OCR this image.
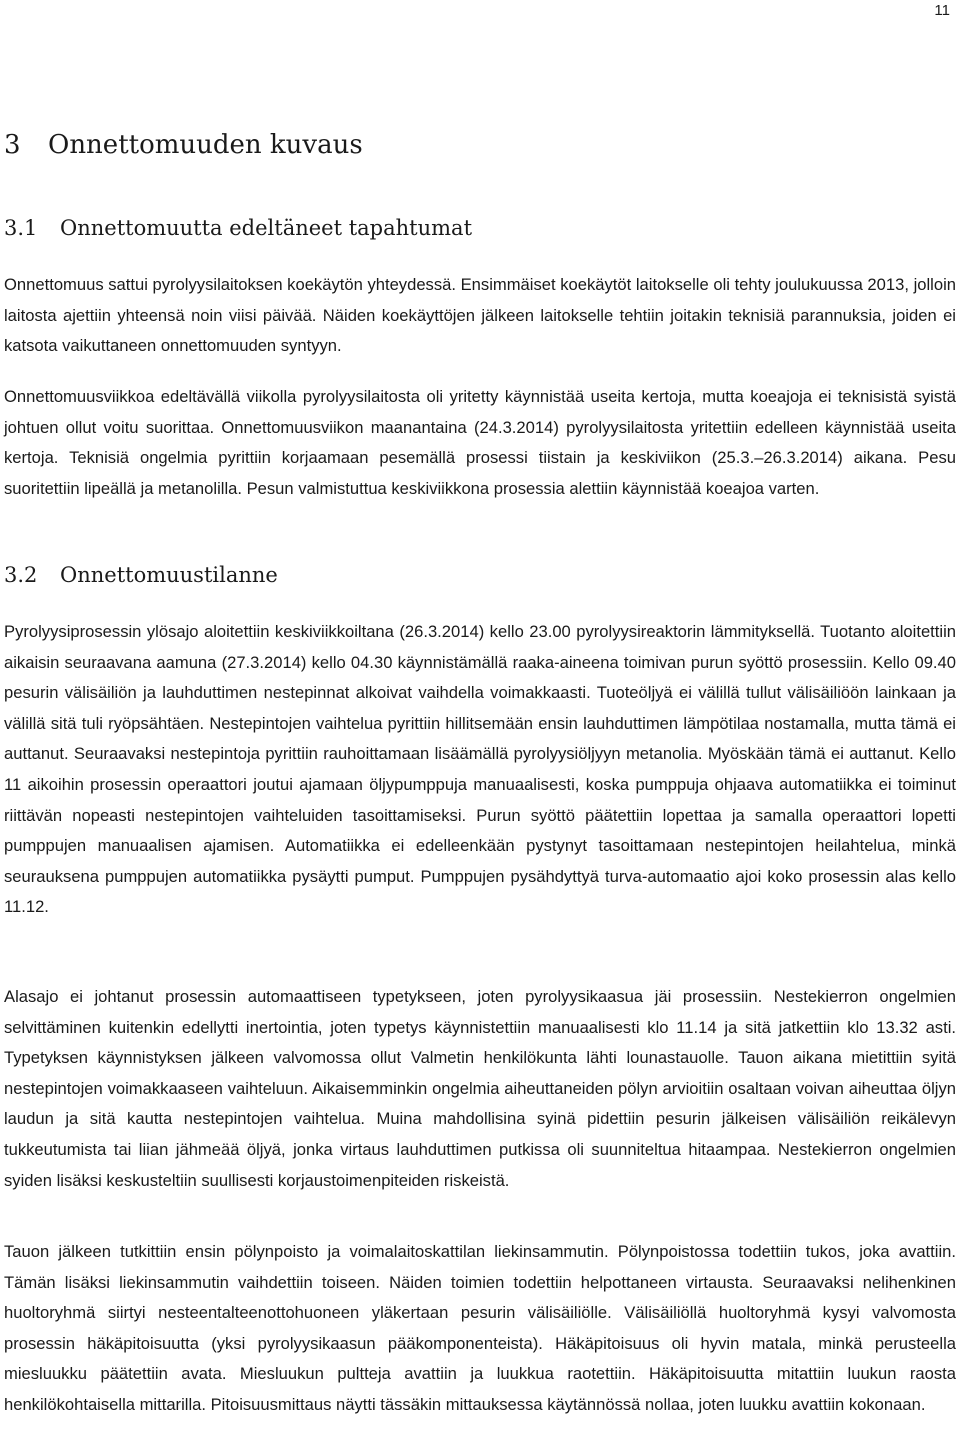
11
3 Onnettomuuden kuvaus
3.1 Onnettomuutta edeltäneet tapahtumat

Onnettomuus sattui pyrolyysilaitoksen koekäytön yhteydessä. Ensimmäiset koekäytöt laitokselle oli tehty joulukuussa 2013, jolloin laitosta ajettiin yhteensä noin viisi päivää. Näiden koekäyttöjen jälkeen laitokselle tehtiin joitakin teknisiä parannuksia, joiden ei katsota vaikuttaneen onnettomuuden syntyyn.

Onnettomuusviikkoa edeltävällä viikolla pyrolyysilaitosta oli yritetty käynnistää useita kertoja, mutta koeajoja ei teknisistä syistä johtuen ollut voitu suorittaa. Onnettomuusviikon maanantaina (24.3.2014) pyrolyysilaitosta yritettiin edelleen käynnistää useita kertoja. Teknisiä ongelmia pyrittiin korjaamaan pesemällä prosessi tiistain ja keskiviikon (25.3.–26.3.2014) aikana. Pesu suoritettiin lipeällä ja metanolilla. Pesun valmistuttua keskiviikkona prosessia alettiin käynnistää koeajoa varten.

3.2 Onnettomuustilanne

Pyrolyysiprosessin ylösajo aloitettiin keskiviikkoiltana (26.3.2014) kello 23.00 pyrolyysireaktorin lämmityksellä. Tuotanto aloitettiin aikaisin seuraavana aamuna (27.3.2014) kello 04.30 käynnistämällä raaka-aineena toimivan purun syöttö prosessiin. Kello 09.40 pesurin välisäiliön ja lauhduttimen nestepinnat alkoivat vaihdella voimakkaasti. Tuoteöljyä ei välillä tullut välisäiliöön lainkaan ja välillä sitä tuli ryöpsähtäen. Nestepintojen vaihtelua pyrittiin hillitsemään ensin lauhduttimen lämpötilaa nostamalla, mutta tämä ei auttanut. Seuraavaksi nestepintoja pyrittiin rauhoittamaan lisäämällä pyrolyysiöljyyn metanolia. Myöskään tämä ei auttanut. Kello 11 aikoihin prosessin operaattori joutui ajamaan öljypumppuja manuaalisesti, koska pumppuja ohjaava automatiikka ei toiminut riittävän nopeasti nestepintojen vaihteluiden tasoittamiseksi. Purun syöttö päätettiin lopettaa ja samalla operaattori lopetti pumppujen manuaalisen ajamisen. Automatiikka ei edelleenkään pystynyt tasoittamaan nestepintojen heilahtelua, minkä seurauksena pumppujen automatiikka pysäytti pumput. Pumppujen pysähdyttyä turva-automaatio ajoi koko prosessin alas kello 11.12.

Alasajo ei johtanut prosessin automaattiseen typetykseen, joten pyrolyysikaasua jäi prosessiin. Nestekierron ongelmien selvittäminen kuitenkin edellytti inertointia, joten typetys käynnistettiin manuaalisesti klo 11.14 ja sitä jatkettiin klo 13.32 asti. Typetyksen käynnistyksen jälkeen valvomossa ollut Valmetin henkilökunta lähti lounastauolle. Tauon aikana mietittiin syitä nestepintojen voimakkaaseen vaihteluun. Aikaisemminkin ongelmia aiheuttaneiden pölyn arvioitiin osaltaan voivan aiheuttaa öljyn laudun ja sitä kautta nestepintojen vaihtelua. Muina mahdollisina syinä pidettiin pesurin jälkeisen välisäiliön reikälevyn tukkeutumista tai liian jähmeää öljyä, jonka virtaus lauhduttimen putkissa oli suunniteltua hitaampaa. Nestekierron ongelmien syiden lisäksi keskusteltiin suullisesti korjaustoimenpiteiden riskeistä.

Tauon jälkeen tutkittiin ensin pölynpoisto ja voimalaitoskattilan liekinsammutin. Pölynpoistossa todettiin tukos, joka avattiin. Tämän lisäksi liekinsammutin vaihdettiin toiseen. Näiden toimien todettiin helpottaneen virtausta. Seuraavaksi nelihenkinen huoltoryhmä siirtyi nesteentalteenottohuoneen yläkertaan pesurin välisäiliölle. Välisäiliöllä huoltoryhmä kysyi valvomosta prosessin häkäpitoisuutta (yksi pyrolyysikaasun pääkomponenteista). Häkäpitoisuus oli hyvin matala, minkä perusteella miesluukku päätettiin avata. Miesluukun pultteja avattiin ja luukkua raotettiin. Häkäpitoisuutta mitattiin luukun raosta henkilökohtaisella mittarilla. Pitoisuusmittaus näytti tässäkin mittauksessa käytännössä nollaa, joten luukku avattiin kokonaan.
